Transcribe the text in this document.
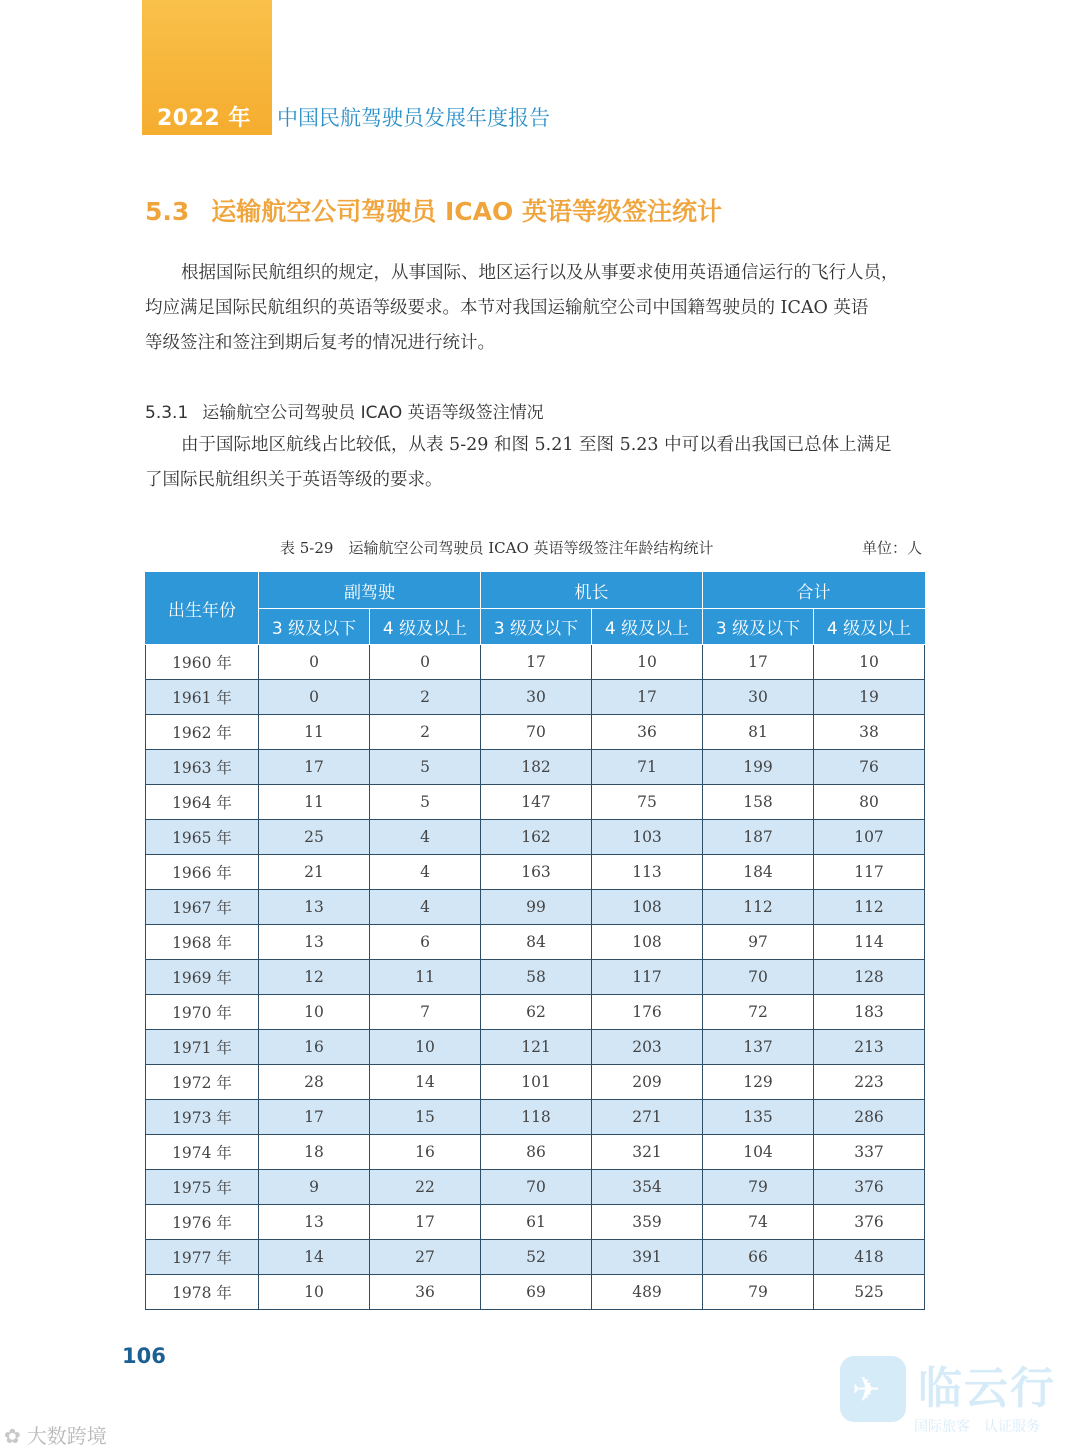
2022 年版
中国民航驾驶员发展年度报告
5.3 运输航空公司驾驶员 ICAO 英语等级签注统计
根据国际民航组织的规定，从事国际、地区运行以及从事要求使用英语通信运行的飞行人员，
均应满足国际民航组织的英语等级要求。本节对我国运输航空公司中国籍驾驶员的 ICAO 英语
等级签注和签注到期后复考的情况进行统计。
5.3.1 运输航空公司驾驶员 ICAO 英语等级签注情况
由于国际地区航线占比较低，从表 5-29 和图 5.21 至图 5.23 中可以看出我国已总体上满足
了国际民航组织关于英语等级的要求。
表 5-29　运输航空公司驾驶员 ICAO 英语等级签注年龄结构统计	单位：人
出生年份	副驾驶		机长		合计	
	3 级及以下	4 级及以上	3 级及以下	4 级及以上	3 级及以下	4 级及以上
1960 年	0	0	17	10	17	10
1961 年	0	2	30	17	30	19
1962 年	11	2	70	36	81	38
1963 年	17	5	182	71	199	76
1964 年	11	5	147	75	158	80
1965 年	25	4	162	103	187	107
1966 年	21	4	163	113	184	117
1967 年	13	4	99	108	112	112
1968 年	13	6	84	108	97	114
1969 年	12	11	58	117	70	128
1970 年	10	7	62	176	72	183
1971 年	16	10	121	203	137	213
1972 年	28	14	101	209	129	223
1973 年	17	15	118	271	135	286
1974 年	18	16	86	321	104	337
1975 年	9	22	70	354	79	376
1976 年	13	17	61	359	74	376
1977 年	14	27	52	391	66	418
1978 年	10	36	69	489	79	525
106
✿ 大数跨境
✈ 临云行
国际旅客　认证服务
